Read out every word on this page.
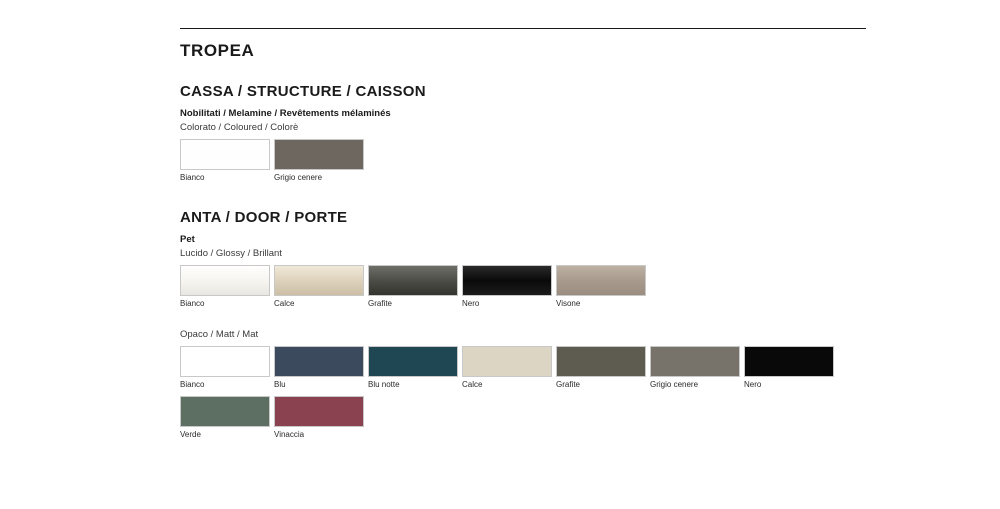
TROPEA
CASSA / STRUCTURE / CAISSON
Nobilitati / Melamine / Revêtements mélaminés
Colorato / Coloured / Colorè
Bianco	Grigio cenere
ANTA / DOOR / PORTE
Pet
Lucido / Glossy / Brillant
Bianco	Calce	Grafite	Nero	Visone
Opaco / Matt / Mat
Bianco	Blu	Blu notte	Calce	Grafite	Grigio cenere	Nero
Verde	Vinaccia
